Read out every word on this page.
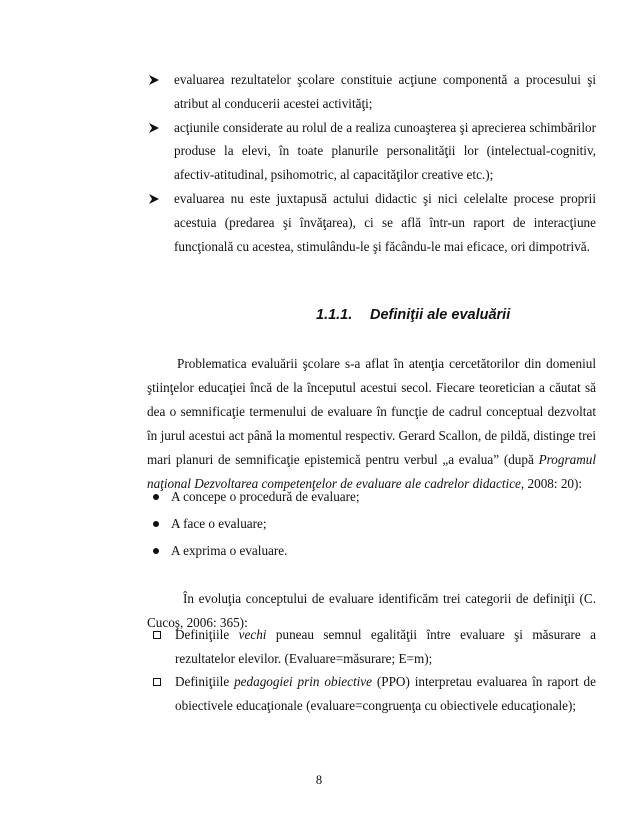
evaluarea rezultatelor şcolare constituie acţiune componentă a procesului şi atribut al conducerii acestei activităţi;
acţiunile considerate au rolul de a realiza cunoaşterea şi aprecierea schimbărilor produse la elevi, în toate planurile personalităţii lor (intelectual-cognitiv, afectiv-atitudinal, psihomotric, al capacităţilor creative etc.);
evaluarea nu este juxtapusă actului didactic şi nici celelalte procese proprii acestuia (predarea şi învăţarea), ci se află într-un raport de interacţiune funcţională cu acestea, stimulându-le şi făcându-le mai eficace, ori dimpotrivă.
1.1.1. Definiţii ale evaluării

Problematica evaluării şcolare s-a aflat în atenţia cercetătorilor din domeniul ştiinţelor educaţiei încă de la începutul acestui secol. Fiecare teoretician a căutat să dea o semnificaţie termenului de evaluare în funcţie de cadrul conceptual dezvoltat în jurul acestui act până la momentul respectiv. Gerard Scallon, de pildă, distinge trei mari planuri de semnificaţie epistemică pentru verbul „a evalua” (după Programul naţional Dezvoltarea competenţelor de evaluare ale cadrelor didactice, 2008: 20):

A concepe o procedură de evaluare;
A face o evaluare;
A exprima o evaluare.

În evoluţia conceptului de evaluare identificăm trei categorii de definiţii (C. Cucoş, 2006: 365):

Definiţiile vechi puneau semnul egalităţii între evaluare şi măsurare a rezultatelor elevilor. (Evaluare=măsurare; E=m);
Definiţiile pedagogiei prin obiective (PPO) interpretau evaluarea în raport de obiectivele educaţionale (evaluare=congruenţa cu obiectivele educaţionale);
8
